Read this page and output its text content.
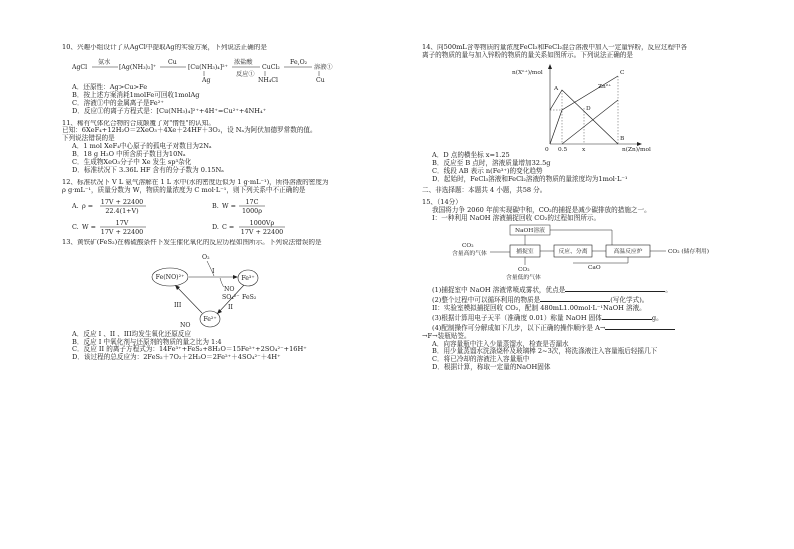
10、兴趣小组设计了从AgCl中提取Ag的实验方案，下列说法正确的是
AgCl
氨水
[Ag(NH₃)₂]⁺
Cu
[Cu(NH₃)₄]²⁺
浓盐酸
反应①
CuCl₂
Fe,O₂
溶液①
Ag	NH₄Cl	Cu
A．还原性：Ag>Cu>Fe
B．按上述方案消耗1molFe可回收1molAg
C．溶液①中的金属离子是Fe²⁺
D．反应①的离子方程式是：[Cu(NH₃)₄]²⁺+4H⁺=Cu²⁺+4NH₄⁺
11、稀有气体化合物的合成颠覆了对"惰性"的认知。
已知：6XeF₄+12H₂O＝2XeO₃＋4Xe＋24HF＋3O₂，设 Nₐ为阿伏加德罗常数的值。
下列说法错误的是
A．1 mol XeF₄中心原子的孤电子对数目为2Nₐ
B．18 g H₂O 中所含质子数目为10Nₐ
C．生成物XeO₃分子中 Xe 发生 sp³杂化
D．标准状况下 3.36L HF 含有的分子数为 0.15Nₐ
12、标准状况下 V L 氨气溶解在 1 L 水中(水的密度近似为 1 g·mL⁻¹)，所得溶液的密度为
ρ g·mL⁻¹，质量分数为 W，物质的量浓度为 C mol·L⁻¹，则下列关系中不正确的是
A. ρ = 17V + 22400
22.4(1+V)
B. W = 17C
1000ρ
C. W =	17V
17V + 22400
D. C = 1000Vρ
17V + 22400
13、黄铁矿(FeS₂)在稀硫酸条件下发生催化氧化的反应历程如图所示。下列说法错误的是
Fe(NO)²⁺	Fe³⁺
Fe²⁺
O₂
I
NO
SO₄²⁻ FeS₂
II
III
NO
A．反应 I 、II 、III均发生氧化还原反应
B．反应 I 中氧化剂与还原剂的物质的量之比为 1:4
C．反应 II 的离子方程式为：14Fe³⁺+FeS₂+8H₂O＝15Fe²⁺+2SO₄²⁻+16H⁺
D．该过程的总反应为：2FeS₂＋7O₂＋2H₂O＝2Fe²⁺＋4SO₄²⁻＋4H⁺
14、向500mL含等物质的量浓度FeCl₃和FeCl₂混合溶液中加入一定量锌粉，反应过程中各
离子的物质的量与加入锌粉的物质的量关系如图所示。下列说法正确的是
n(Xⁿ⁺)/mol
n(Zn)/mol
0 0.5	x
A
B
C
D
Zn²⁺
A．D 点的横坐标 x=1.25
B．反应至 B 点时，溶液质量增加32.5g
C．线段 AB 表示 n(Fe³⁺)的变化趋势
D．起始时，FeCl₃溶液和FeCl₂溶液的物质的量浓度均为1mol·L⁻¹
二、非选择题：本题共 4 小题，共58 分。
15、（14分）
我国将力争 2060 年前实现碳中和，CO₂的捕捉是减少碳排放的措施之一。
I：一种利用 NaOH 溶液捕捉回收 CO₂的过程如图所示。
NaOH溶液
CO₂
含量高的气体	捕捉室	反应、分离	高温反应炉	CO₂ (储存利用)
CaO
CO₂
含量低的气体
(1)捕捉室中 NaOH 溶液常喷成雾状，优点是	。
(2)整个过程中可以循环利用的物质是	(写化学式)。
II：实验室模拟捕捉回收 CO₂，配制 480mL1.00mol·L⁻¹NaOH 溶液。
(3)根据计算用电子天平（准确度 0.01）称量 NaOH 固体	g。
(4)配制操作可分解成如下几步，以下正确的操作顺序是 A→
→F→装瓶贴签。
A．向容量瓶中注入少量蒸馏水，检查是否漏水
B．用少量蒸馏水洗涤烧杯及玻璃棒 2~3次，将洗涤液注入容量瓶后轻摇几下
C．将已冷却的溶液注入容量瓶中
D．根据计算，称取一定量的NaOH固体
